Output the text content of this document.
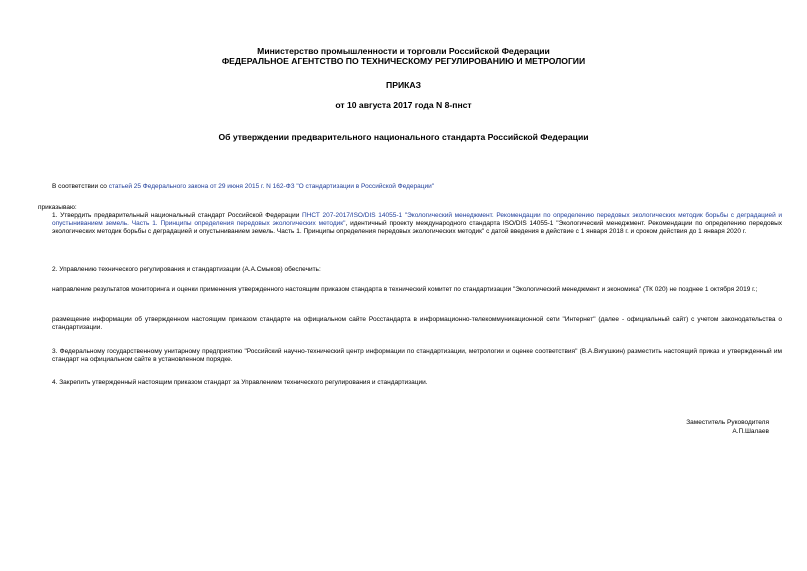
Министерство промышленности и торговли Российской Федерации
ФЕДЕРАЛЬНОЕ АГЕНТСТВО ПО ТЕХНИЧЕСКОМУ РЕГУЛИРОВАНИЮ И МЕТРОЛОГИИ
ПРИКАЗ
от 10 августа 2017 года N 8-пнст
Об утверждении предварительного национального стандарта Российской Федерации
В соответствии со статьей 25 Федерального закона от 29 июня 2015 г. N 162-ФЗ "О стандартизации в Российской Федерации"
приказываю:
1. Утвердить предварительный национальный стандарт Российской Федерации ПНСТ 207-2017/ISO/DIS 14055-1 "Экологический менеджмент. Рекомендации по определению передовых экологических методик борьбы с деградацией и опустыниванием земель. Часть 1. Принципы определения передовых экологических методик", идентичный проекту международного стандарта ISO/DIS 14055-1 "Экологический менеджмент. Рекомендации по определению передовых экологических методик борьбы с деградацией и опустыниванием земель. Часть 1. Принципы определения передовых экологических методик" с датой введения в действие с 1 января 2018 г. и сроком действия до 1 января 2020 г.
2. Управлению технического регулирования и стандартизации (А.А.Смыков) обеспечить:
направление результатов мониторинга и оценки применения утвержденного настоящим приказом стандарта в технический комитет по стандартизации "Экологический менеджмент и экономика" (ТК 020) не позднее 1 октября 2019 г.;
размещение информации об утвержденном настоящим приказом стандарте на официальном сайте Росстандарта в информационно-телекоммуникационной сети "Интернет" (далее - официальный сайт) с учетом законодательства о стандартизации.
3. Федеральному государственному унитарному предприятию "Российский научно-технический центр информации по стандартизации, метрологии и оценке соответствия" (В.А.Вигушкин) разместить настоящий приказ и утвержденный им стандарт на официальном сайте в установленном порядке.
4. Закрепить утвержденный настоящим приказом стандарт за Управлением технического регулирования и стандартизации.
Заместитель Руководителя
А.П.Шалаев
